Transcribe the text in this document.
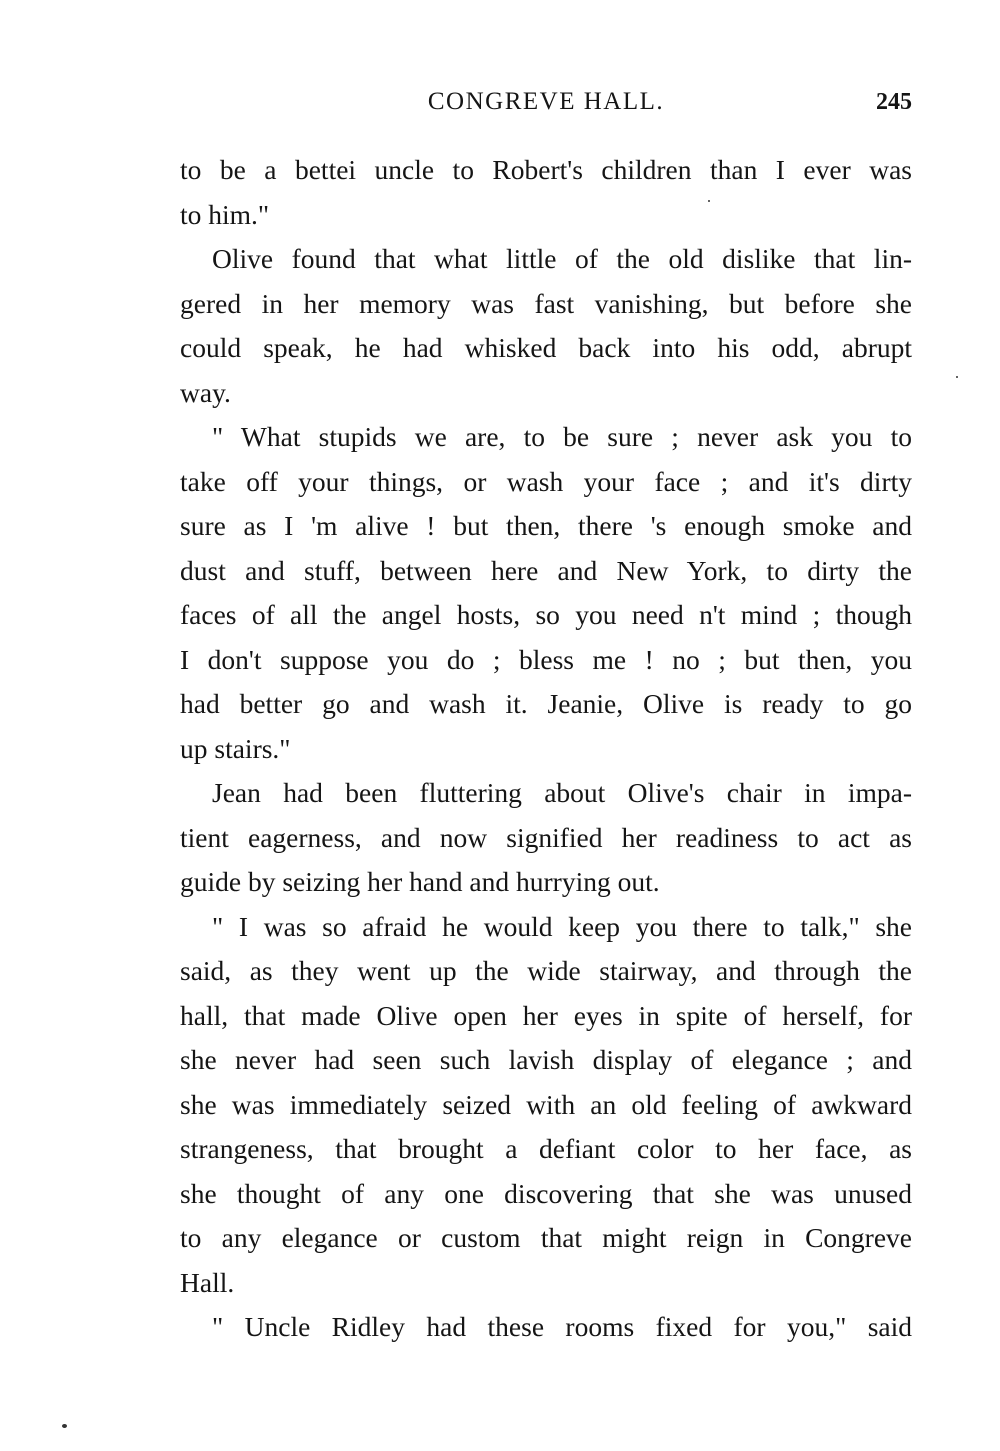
CONGREVE HALL.	245
to be a bettei uncle to Robert's children than I ever was
to him."
Olive found that what little of the old dislike that lin-
gered in her memory was fast vanishing, but before she
could speak, he had whisked back into his odd, abrupt
way.
" What stupids we are, to be sure ; never ask you to
take off your things, or wash your face ; and it's dirty
sure as I 'm alive ! but then, there 's enough smoke and
dust and stuff, between here and New York, to dirty the
faces of all the angel hosts, so you need n't mind ; though
I don't suppose you do ; bless me ! no ; but then, you
had better go and wash it. Jeanie, Olive is ready to go
up stairs."
Jean had been fluttering about Olive's chair in impa-
tient eagerness, and now signified her readiness to act as
guide by seizing her hand and hurrying out.
" I was so afraid he would keep you there to talk," she
said, as they went up the wide stairway, and through the
hall, that made Olive open her eyes in spite of herself, for
she never had seen such lavish display of elegance ; and
she was immediately seized with an old feeling of awkward
strangeness, that brought a defiant color to her face, as
she thought of any one discovering that she was unused
to any elegance or custom that might reign in Congreve
Hall.
" Uncle Ridley had these rooms fixed for you," said
